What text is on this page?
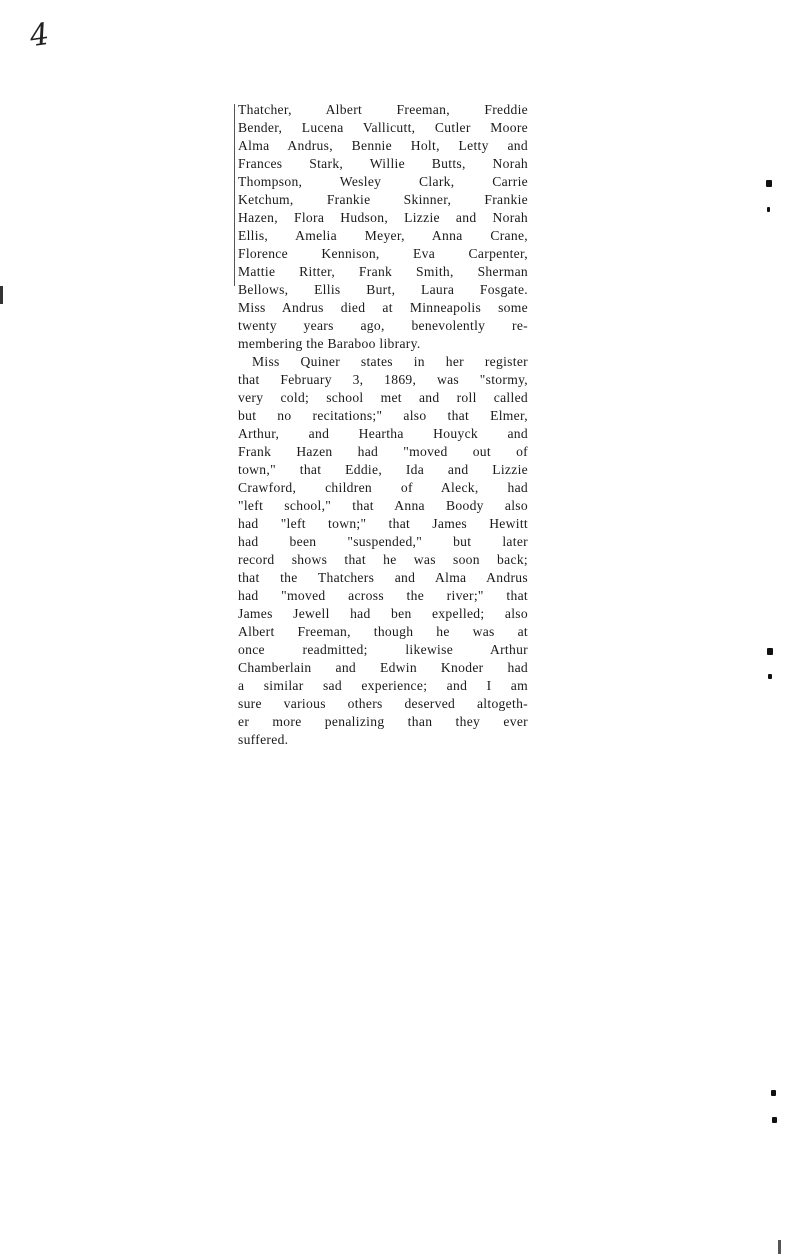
4
Thatcher, Albert Freeman, Freddie
Bender, Lucena Vallicutt, Cutler Moore
Alma Andrus, Bennie Holt, Letty and
Frances Stark, Willie Butts, Norah
Thompson, Wesley Clark, Carrie
Ketchum, Frankie Skinner, Frankie
Hazen, Flora Hudson, Lizzie and Norah
Ellis, Amelia Meyer, Anna Crane,
Florence Kennison, Eva Carpenter,
Mattie Ritter, Frank Smith, Sherman
Bellows, Ellis Burt, Laura Fosgate.
Miss Andrus died at Minneapolis some
twenty years ago, benevolently re-
membering the Baraboo library.
Miss Quiner states in her register
that February 3, 1869, was "stormy,
very cold; school met and roll called
but no recitations;" also that Elmer,
Arthur, and Heartha Houyck and
Frank Hazen had "moved out of
town," that Eddie, Ida and Lizzie
Crawford, children of Aleck, had
"left school," that Anna Boody also
had "left town;" that James Hewitt
had been "suspended," but later
record shows that he was soon back;
that the Thatchers and Alma Andrus
had "moved across the river;" that
James Jewell had ben expelled; also
Albert Freeman, though he was at
once readmitted; likewise Arthur
Chamberlain and Edwin Knoder had
a similar sad experience; and I am
sure various others deserved altogeth-
er more penalizing than they ever
suffered.
